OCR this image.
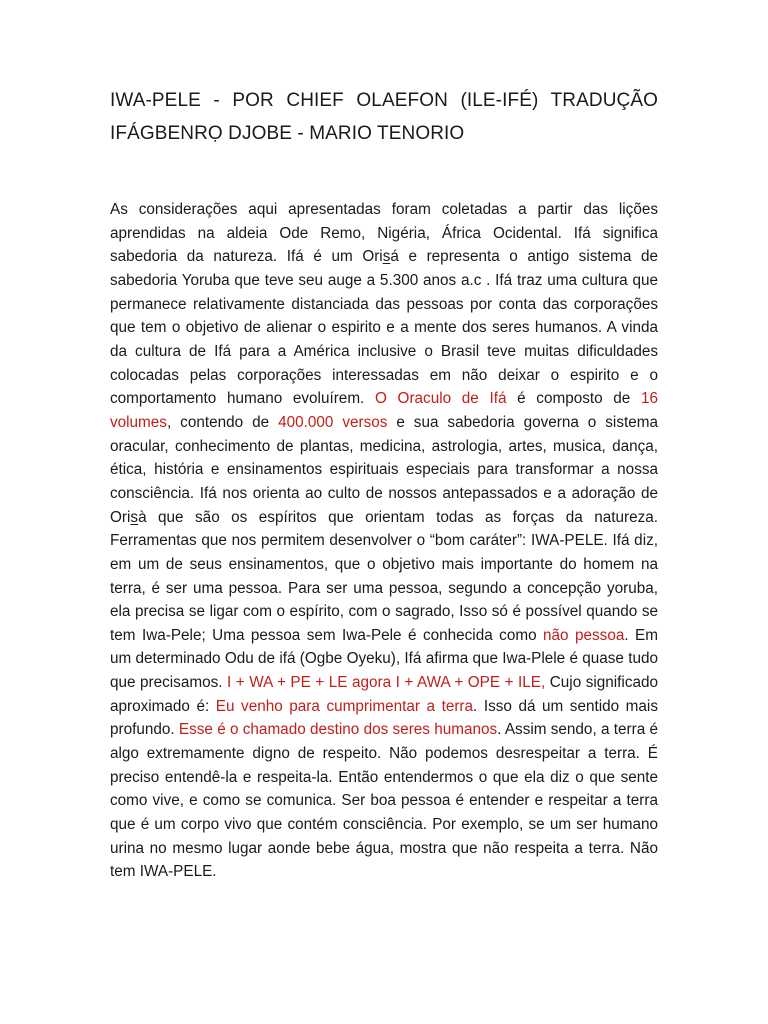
IWA-PELE - POR CHIEF OLAEFON (ILE-IFÉ) TRADUÇÃO IFÁGBENRỌ DJOBE - MARIO TENORIO

As considerações aqui apresentadas foram coletadas a partir das lições aprendidas na aldeia Ode Remo, Nigéria, África Ocidental. Ifá significa sabedoria da natureza. Ifá é um Orisá e representa o antigo sistema de sabedoria Yoruba que teve seu auge a 5.300 anos a.c . Ifá traz uma cultura que permanece relativamente distanciada das pessoas por conta das corporações que tem o objetivo de alienar o espirito e a mente dos seres humanos. A vinda da cultura de Ifá para a América inclusive o Brasil teve muitas dificuldades colocadas pelas corporações interessadas em não deixar o espirito e o comportamento humano evoluírem. O Oraculo de Ifá é composto de 16 volumes, contendo de 400.000 versos e sua sabedoria governa o sistema oracular, conhecimento de plantas, medicina, astrologia, artes, musica, dança, ética, história e ensinamentos espirituais especiais para transformar a nossa consciência. Ifá nos orienta ao culto de nossos antepassados e a adoração de Orisà que são os espíritos que orientam todas as forças da natureza. Ferramentas que nos permitem desenvolver o “bom caráter”: IWA-PELE. Ifá diz, em um de seus ensinamentos, que o objetivo mais importante do homem na terra, é ser uma pessoa. Para ser uma pessoa, segundo a concepção yoruba, ela precisa se ligar com o espírito, com o sagrado, Isso só é possível quando se tem Iwa-Pele; Uma pessoa sem Iwa-Pele é conhecida como não pessoa. Em um determinado Odu de ifá (Ogbe Oyeku), Ifá afirma que Iwa-Plele é quase tudo que precisamos. I + WA + PE + LE agora I + AWA + OPE + ILE, Cujo significado aproximado é: Eu venho para cumprimentar a terra. Isso dá um sentido mais profundo. Esse é o chamado destino dos seres humanos. Assim sendo, a terra é algo extremamente digno de respeito. Não podemos desrespeitar a terra. É preciso entendê-la e respeita-la. Então entendermos o que ela diz o que sente como vive, e como se comunica. Ser boa pessoa é entender e respeitar a terra que é um corpo vivo que contém consciência. Por exemplo, se um ser humano urina no mesmo lugar aonde bebe água, mostra que não respeita a terra. Não tem IWA-PELE.
